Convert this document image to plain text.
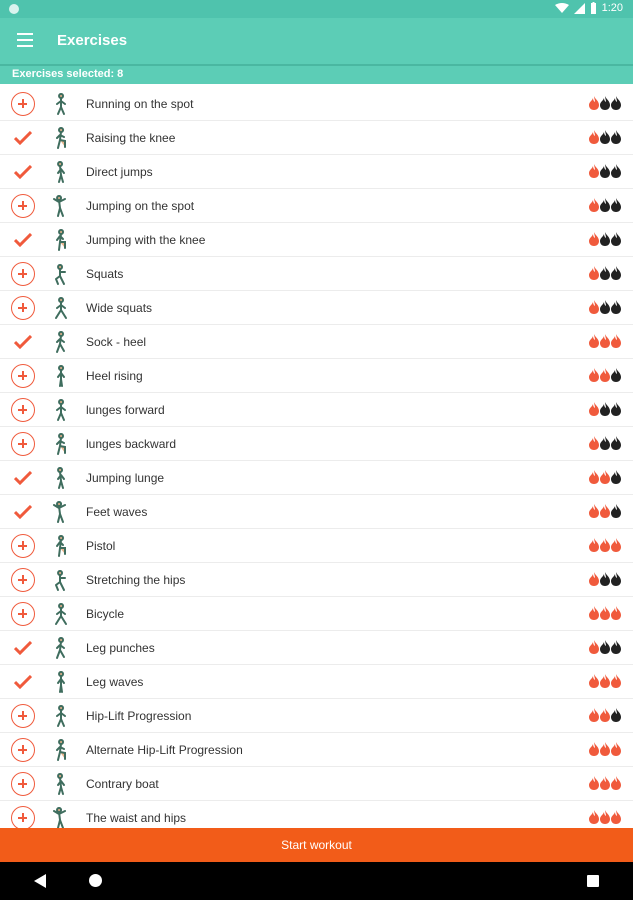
1:20
Exercises
Exercises selected: 8
Running on the spot
Raising the knee
Direct jumps
Jumping on the spot
Jumping with the knee
Squats
Wide squats
Sock - heel
Heel rising
lunges forward
lunges backward
Jumping lunge
Feet waves
Pistol
Stretching the hips
Bicycle
Leg punches
Leg waves
Hip-Lift Progression
Alternate Hip-Lift Progression
Contrary boat
The waist and hips
Start workout
